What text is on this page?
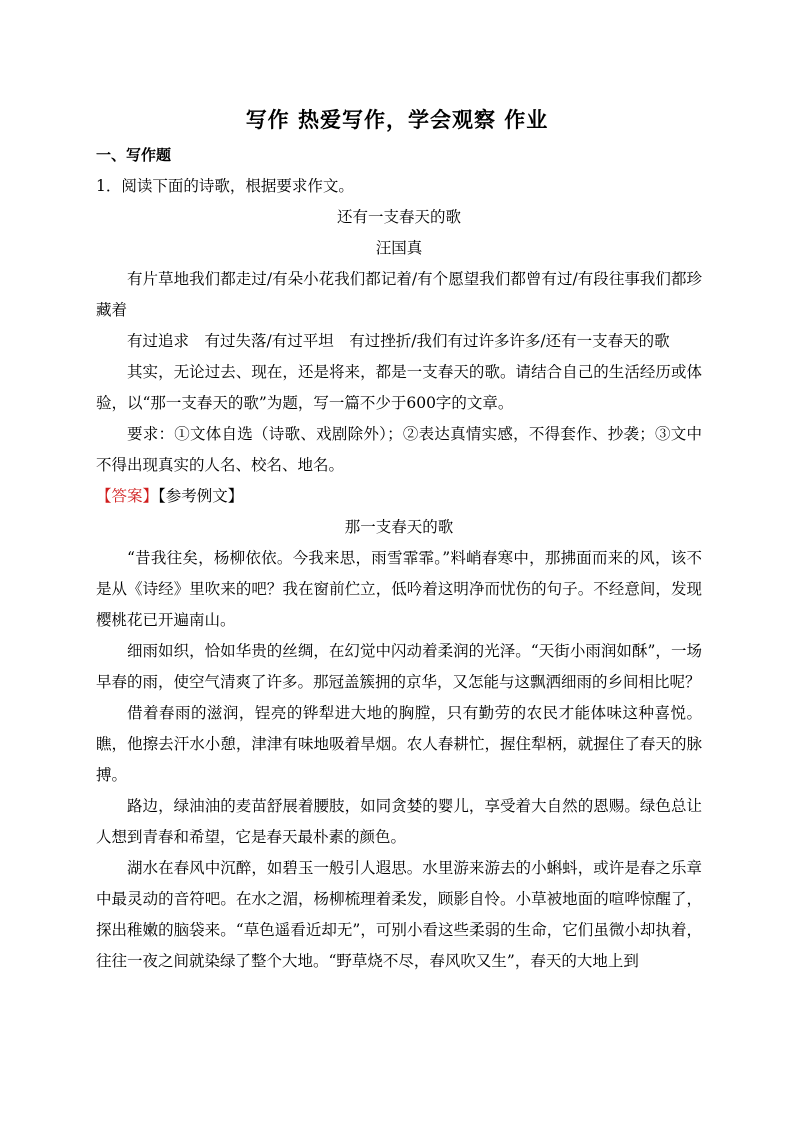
写作 热爱写作，学会观察 作业
一、写作题

1．阅读下面的诗歌，根据要求作文。

还有一支春天的歌

汪国真

有片草地我们都走过/有朵小花我们都记着/有个愿望我们都曾有过/有段往事我们都珍藏着

有过追求　有过失落/有过平坦　有过挫折/我们有过许多许多/还有一支春天的歌

其实，无论过去、现在，还是将来，都是一支春天的歌。请结合自己的生活经历或体验，以“那一支春天的歌”为题，写一篇不少于600字的文章。

要求：①文体自选（诗歌、戏剧除外）；②表达真情实感，不得套作、抄袭；③文中不得出现真实的人名、校名、地名。

【答案】【参考例文】

那一支春天的歌

“昔我往矣，杨柳依依。今我来思，雨雪霏霏。”料峭春寒中，那拂面而来的风，该不是从《诗经》里吹来的吧？我在窗前伫立，低吟着这明净而忧伤的句子。不经意间，发现樱桃花已开遍南山。

细雨如织，恰如华贵的丝绸，在幻觉中闪动着柔润的光泽。“天街小雨润如酥”，一场早春的雨，使空气清爽了许多。那冠盖簇拥的京华，又怎能与这飘洒细雨的乡间相比呢？

借着春雨的滋润，锃亮的铧犁进大地的胸膛，只有勤劳的农民才能体味这种喜悦。瞧，他擦去汗水小憩，津津有味地吸着旱烟。农人春耕忙，握住犁柄，就握住了春天的脉搏。

路边，绿油油的麦苗舒展着腰肢，如同贪婪的婴儿，享受着大自然的恩赐。绿色总让人想到青春和希望，它是春天最朴素的颜色。

湖水在春风中沉醉，如碧玉一般引人遐思。水里游来游去的小蝌蚪，或许是春之乐章中最灵动的音符吧。在水之湄，杨柳梳理着柔发，顾影自怜。小草被地面的喧哗惊醒了，探出稚嫩的脑袋来。“草色遥看近却无”，可别小看这些柔弱的生命，它们虽微小却执着，往往一夜之间就染绿了整个大地。“野草烧不尽，春风吹又生”，春天的大地上到
